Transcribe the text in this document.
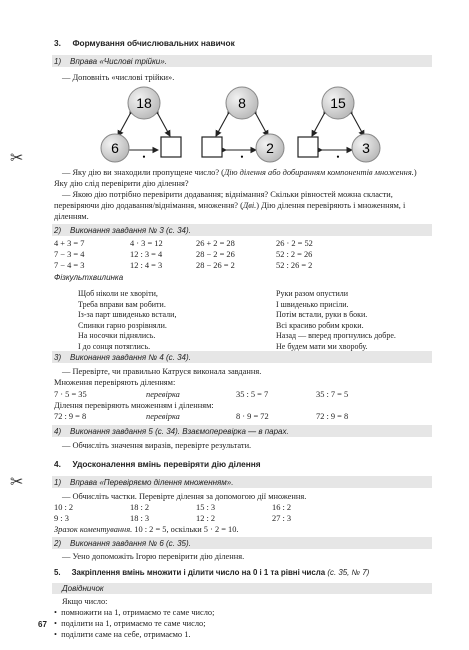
✂
✂
3. Формування обчислювальних навичок
1) Вправа «Числові трійки».
— Доповніть «числові трійки».
18
6
•
8
2
•
15
3
•
— Яку дію ви знаходили пропущене число? (Дію ділення або добиранням компонентів множення.) Яку дію слід перевірити дію ділення?
— Якою дію потрібно перевірити додавання; віднімання? Скільки рівностей можна скласти, перевіряючи дію додавання/віднімання, множення? (Дві.) Дію ділення перевіряють і множенням, і діленням.
2) Виконання завдання № 3 (с. 34).
4 + 3 = 7	4 · 3 = 12	26 + 2 = 28	26 · 2 = 52
7 − 3 = 4	12 : 3 = 4	28 − 2 = 26	52 : 2 = 26
7 − 4 = 3	12 : 4 = 3	28 − 26 = 2	52 : 26 = 2
Фізкультхвилинка
Щоб ніколи не хворіти,
Треба вправи вам робити.
Із-за парт швиденько встали,
Спинки гарно розрівняли.
На носочки піднялись.
І до сонця потяглись.
Руки разом опустили
І швиденько присіли.
Потім встали, руки в боки.
Всі красиво робим кроки.
Назад — вперед прогнулись добре.
Не будем мати ми хворобу.
3) Виконання завдання № 4 (с. 34).
— Перевірте, чи правильно Катруся виконала завдання.
Множення перевіряють діленням:
7 · 5 = 35	перевірка	35 : 5 = 7	35 : 7 = 5
Ділення перевіряють множенням і діленням:
72 : 9 = 8	перевірка	8 · 9 = 72	72 : 9 = 8
4) Виконання завдання 5 (с. 34). Взаємоперевірка — в парах.
— Обчисліть значення виразів, перевірте результати.
4. Удосконалення вмінь перевіряти дію ділення
1) Вправа «Перевіряємо ділення множенням».
— Обчисліть частки. Перевірте ділення за допомогою дії множення.
10 : 2	18 : 2	15 : 3	16 : 2
9 : 3	18 : 3	12 : 2	27 : 3
Зразок коментування. 10 : 2 = 5, оскільки 5 · 2 = 10.
2) Виконання завдання № 6 (с. 35).
— Уено допоможіть Ігорю перевірити дію ділення.
5. Закріплення вмінь множити і ділити число на 0 і 1 та рівні числа (с. 35, № 7)
Довідничок
Якщо число:
•  помножити на 1, отримаємо те саме число;
•  поділити на 1, отримаємо те саме число;
•  поділити саме на себе, отримаємо 1.
67
